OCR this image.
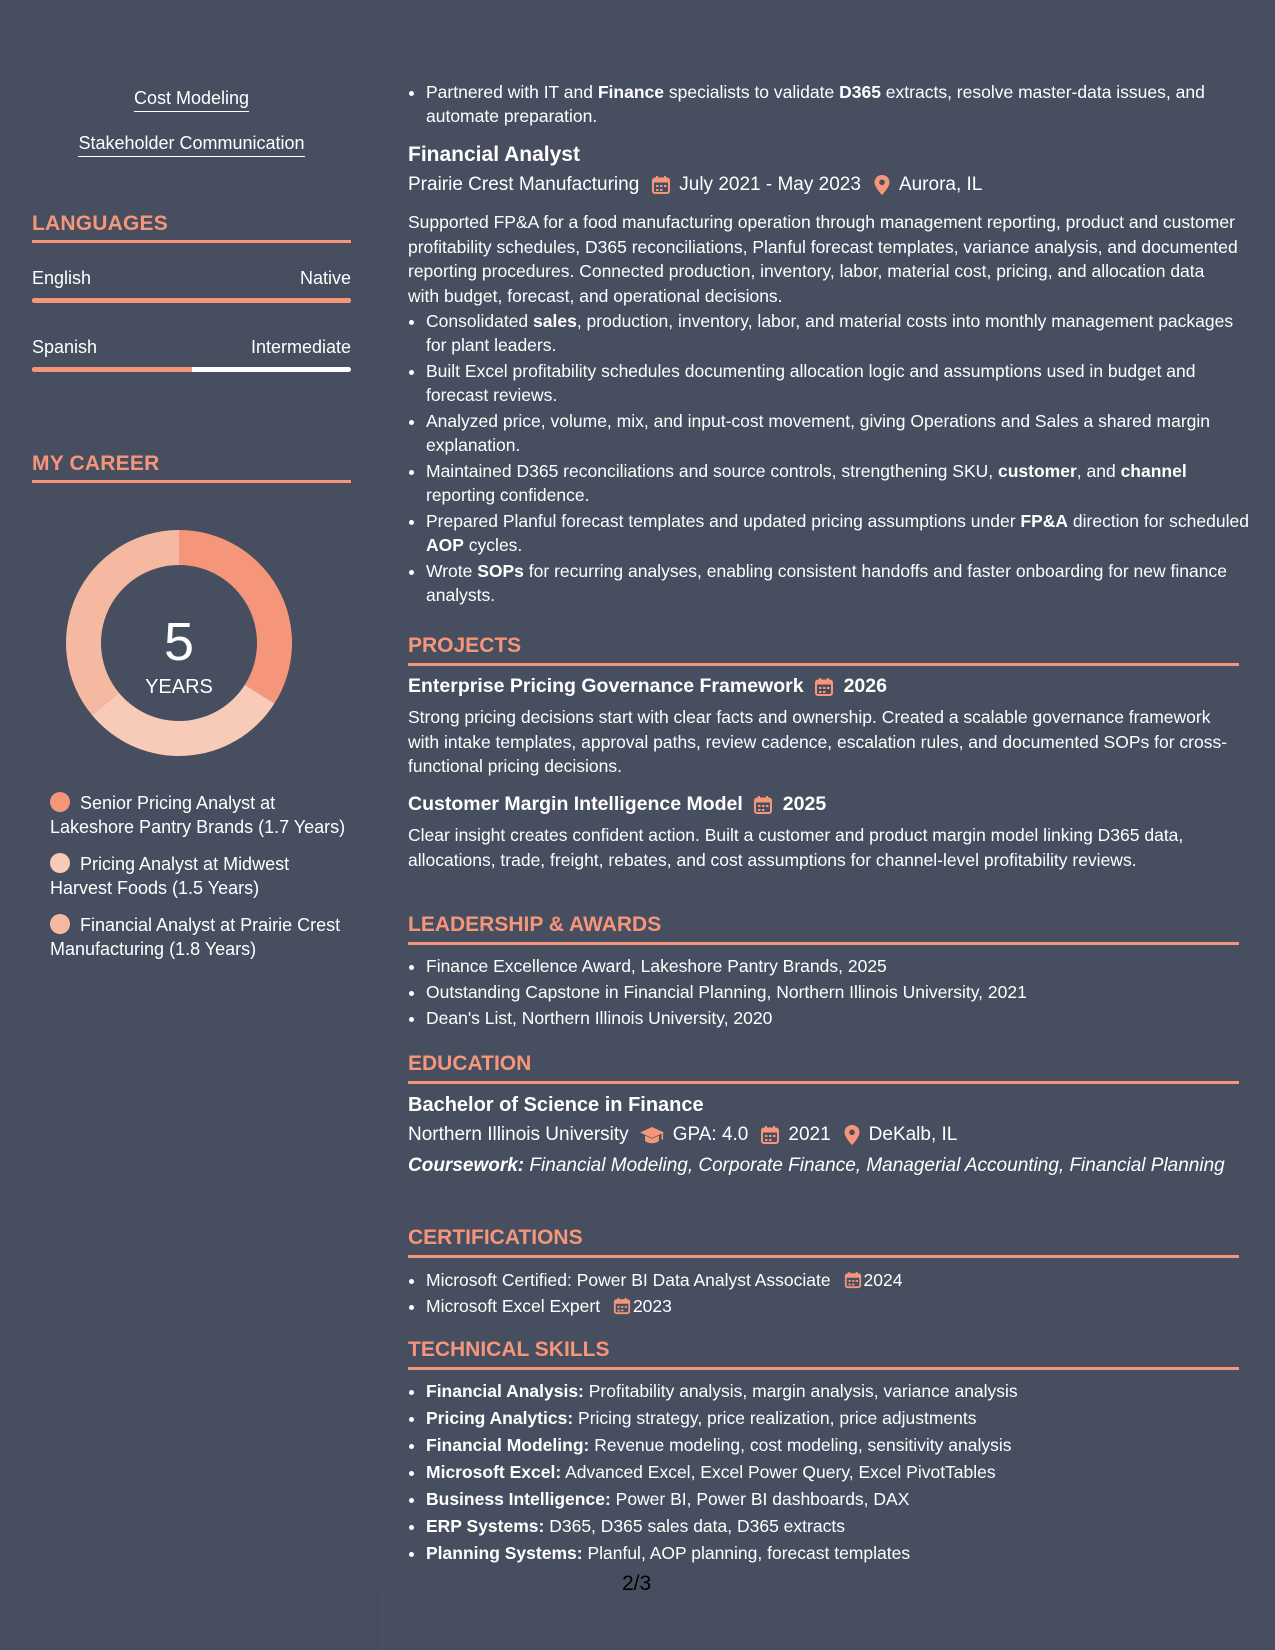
Cost Modeling

Stakeholder Communication

LANGUAGES
English	Native
Spanish	Intermediate
MY CAREER
5
YEARS
Senior Pricing Analyst at Lakeshore Pantry Brands (1.7 Years)
Pricing Analyst at Midwest Harvest Foods (1.5 Years)
Financial Analyst at Prairie Crest Manufacturing (1.8 Years)
• Partnered with IT and Finance specialists to validate D365 extracts, resolve master-data issues, and automate preparation.
Financial Analyst
Prairie Crest Manufacturing July 2021 - May 2023 Aurora, IL

Supported FP&A for a food manufacturing operation through management reporting, product and customer profitability schedules, D365 reconciliations, Planful forecast templates, variance analysis, and documented reporting procedures. Connected production, inventory, labor, material cost, pricing, and allocation data with budget, forecast, and operational decisions.

• Consolidated sales, production, inventory, labor, and material costs into monthly management packages for plant leaders.
• Built Excel profitability schedules documenting allocation logic and assumptions used in budget and forecast reviews.
• Analyzed price, volume, mix, and input-cost movement, giving Operations and Sales a shared margin explanation.
• Maintained D365 reconciliations and source controls, strengthening SKU, customer, and channel reporting confidence.
• Prepared Planful forecast templates and updated pricing assumptions under FP&A direction for scheduled AOP cycles.
• Wrote SOPs for recurring analyses, enabling consistent handoffs and faster onboarding for new finance analysts.
PROJECTS
Enterprise Pricing Governance Framework 2026

Strong pricing decisions start with clear facts and ownership. Created a scalable governance framework with intake templates, approval paths, review cadence, escalation rules, and documented SOPs for cross-functional pricing decisions.

Customer Margin Intelligence Model 2025

Clear insight creates confident action. Built a customer and product margin model linking D365 data, allocations, trade, freight, rebates, and cost assumptions for channel-level profitability reviews.

LEADERSHIP & AWARDS
• Finance Excellence Award, Lakeshore Pantry Brands, 2025
• Outstanding Capstone in Financial Planning, Northern Illinois University, 2021
• Dean's List, Northern Illinois University, 2020
EDUCATION
Bachelor of Science in Finance
Northern Illinois University GPA: 4.0 2021 DeKalb, IL

Coursework: Financial Modeling, Corporate Finance, Managerial Accounting, Financial Planning

CERTIFICATIONS
• Microsoft Certified: Power BI Data Analyst Associate 2024
• Microsoft Excel Expert 2023
TECHNICAL SKILLS
• Financial Analysis: Profitability analysis, margin analysis, variance analysis
• Pricing Analytics: Pricing strategy, price realization, price adjustments
• Financial Modeling: Revenue modeling, cost modeling, sensitivity analysis
• Microsoft Excel: Advanced Excel, Excel Power Query, Excel PivotTables
• Business Intelligence: Power BI, Power BI dashboards, DAX
• ERP Systems: D365, D365 sales data, D365 extracts
• Planning Systems: Planful, AOP planning, forecast templates
2/3
